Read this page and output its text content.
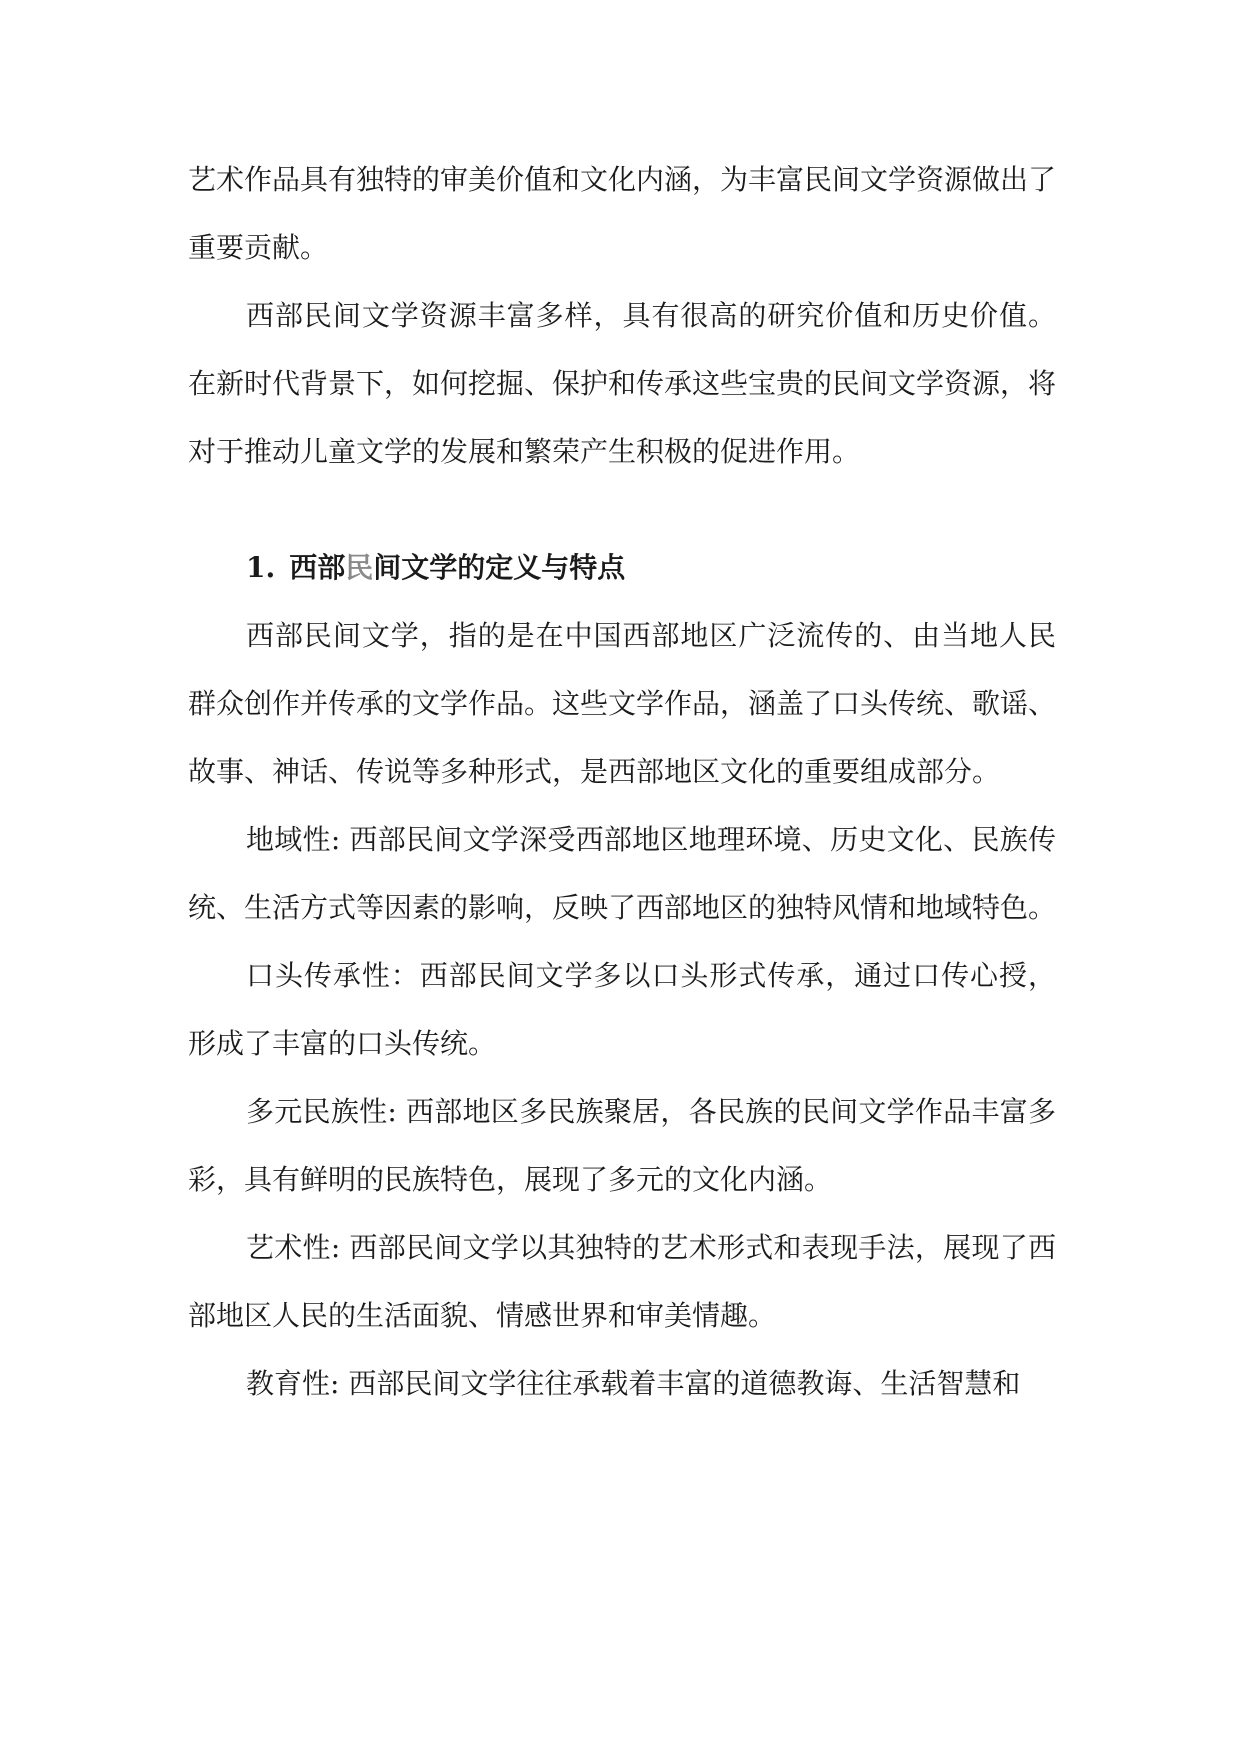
艺术作品具有独特的审美价值和文化内涵，为丰富民间文学资源做出了重要贡献。

西部民间文学资源丰富多样，具有很高的研究价值和历史价值。在新时代背景下，如何挖掘、保护和传承这些宝贵的民间文学资源，将对于推动儿童文学的发展和繁荣产生积极的促进作用。

1. 西部民间文学的定义与特点

西部民间文学，指的是在中国西部地区广泛流传的、由当地人民群众创作并传承的文学作品。这些文学作品，涵盖了口头传统、歌谣、故事、神话、传说等多种形式，是西部地区文化的重要组成部分。

地域性: 西部民间文学深受西部地区地理环境、历史文化、民族传统、生活方式等因素的影响，反映了西部地区的独特风情和地域特色。

口头传承性：西部民间文学多以口头形式传承，通过口传心授，形成了丰富的口头传统。

多元民族性: 西部地区多民族聚居，各民族的民间文学作品丰富多彩，具有鲜明的民族特色，展现了多元的文化内涵。

艺术性: 西部民间文学以其独特的艺术形式和表现手法，展现了西部地区人民的生活面貌、情感世界和审美情趣。

教育性: 西部民间文学往往承载着丰富的道德教诲、生活智慧和
